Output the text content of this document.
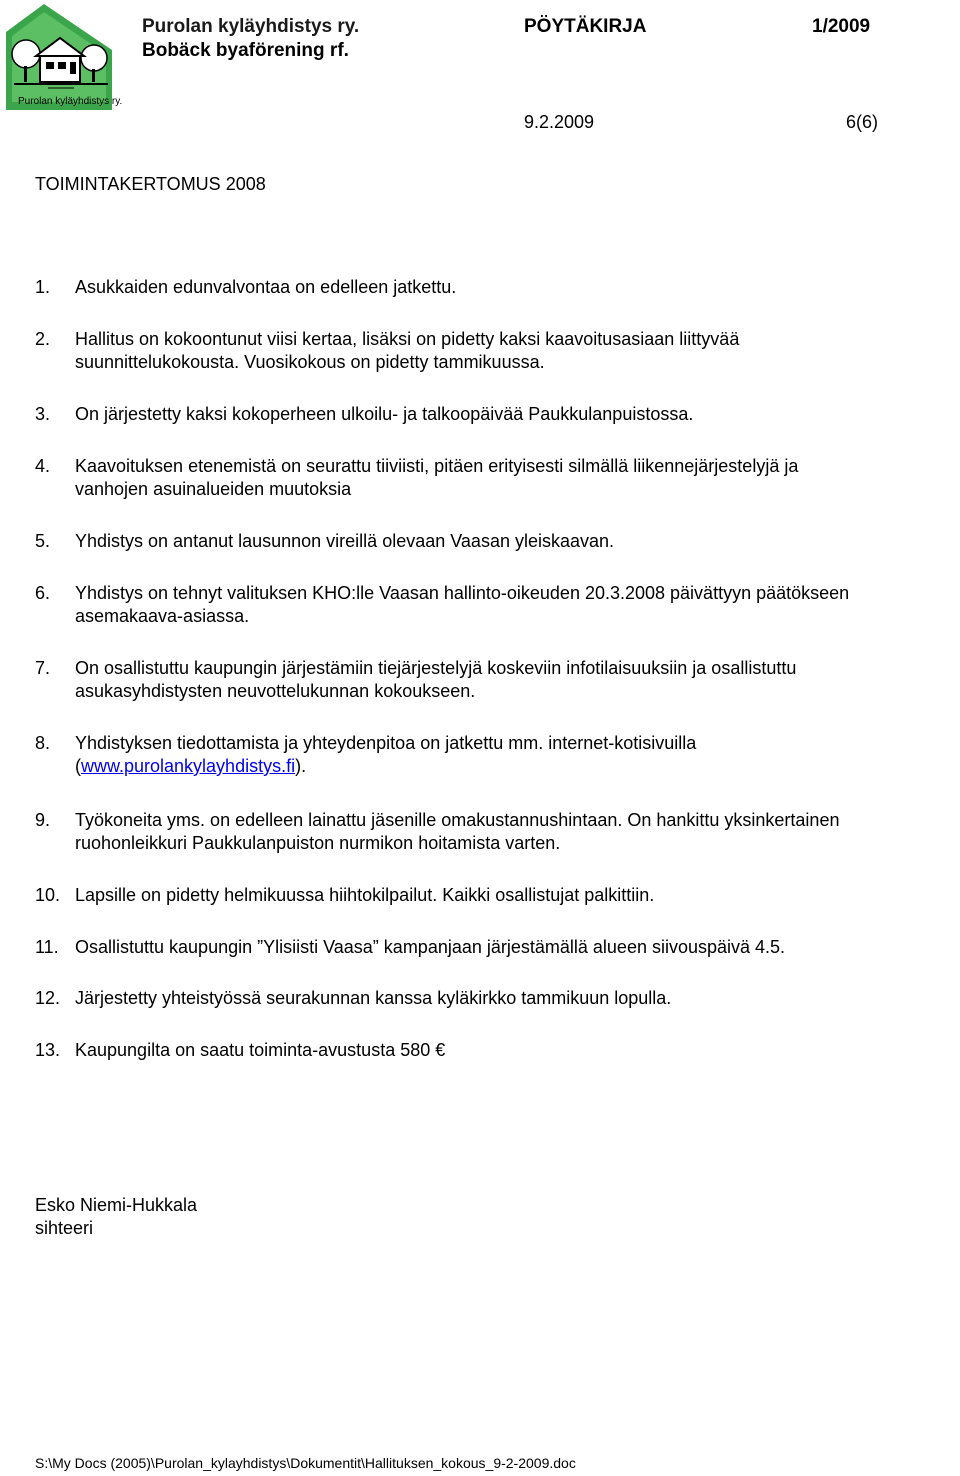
Purolan kyläyhdistys ry.
Purolan kyläyhdistys ry.
Bobäck byaförening rf.
PÖYTÄKIRJA	1/2009
9.2.2009	6(6)
TOIMINTAKERTOMUS 2008
1. Asukkaiden edunvalvontaa on edelleen jatkettu.
2. Hallitus on kokoontunut viisi kertaa, lisäksi on pidetty kaksi kaavoitusasiaan liittyvää
suunnittelukokousta. Vuosikokous on pidetty tammikuussa.
3. On järjestetty kaksi kokoperheen ulkoilu- ja talkoopäivää Paukkulanpuistossa.
4. Kaavoituksen etenemistä on seurattu tiiviisti, pitäen erityisesti silmällä liikennejärjestelyjä ja
vanhojen asuinalueiden muutoksia
5. Yhdistys on antanut lausunnon vireillä olevaan Vaasan yleiskaavan.
6. Yhdistys on tehnyt valituksen KHO:lle Vaasan hallinto-oikeuden 20.3.2008 päivättyyn päätökseen
asemakaava-asiassa.
7. On osallistuttu kaupungin järjestämiin tiejärjestelyjä koskeviin infotilaisuuksiin ja osallistuttu
asukasyhdistysten neuvottelukunnan kokoukseen.
8. Yhdistyksen tiedottamista ja yhteydenpitoa on jatkettu mm. internet-kotisivuilla
(www.purolankylayhdistys.fi).
9. Työkoneita yms. on edelleen lainattu jäsenille omakustannushintaan. On hankittu yksinkertainen
ruohonleikkuri Paukkulanpuiston nurmikon hoitamista varten.
10. Lapsille on pidetty helmikuussa hiihtokilpailut. Kaikki osallistujat palkittiin.
11. Osallistuttu kaupungin ”Ylisiisti Vaasa” kampanjaan järjestämällä alueen siivouspäivä 4.5.
12. Järjestetty yhteistyössä seurakunnan kanssa kyläkirkko tammikuun lopulla.
13. Kaupungilta on saatu toiminta-avustusta 580 €
Esko Niemi-Hukkala
sihteeri
S:\My Docs (2005)\Purolan_kylayhdistys\Dokumentit\Hallituksen_kokous_9-2-2009.doc
